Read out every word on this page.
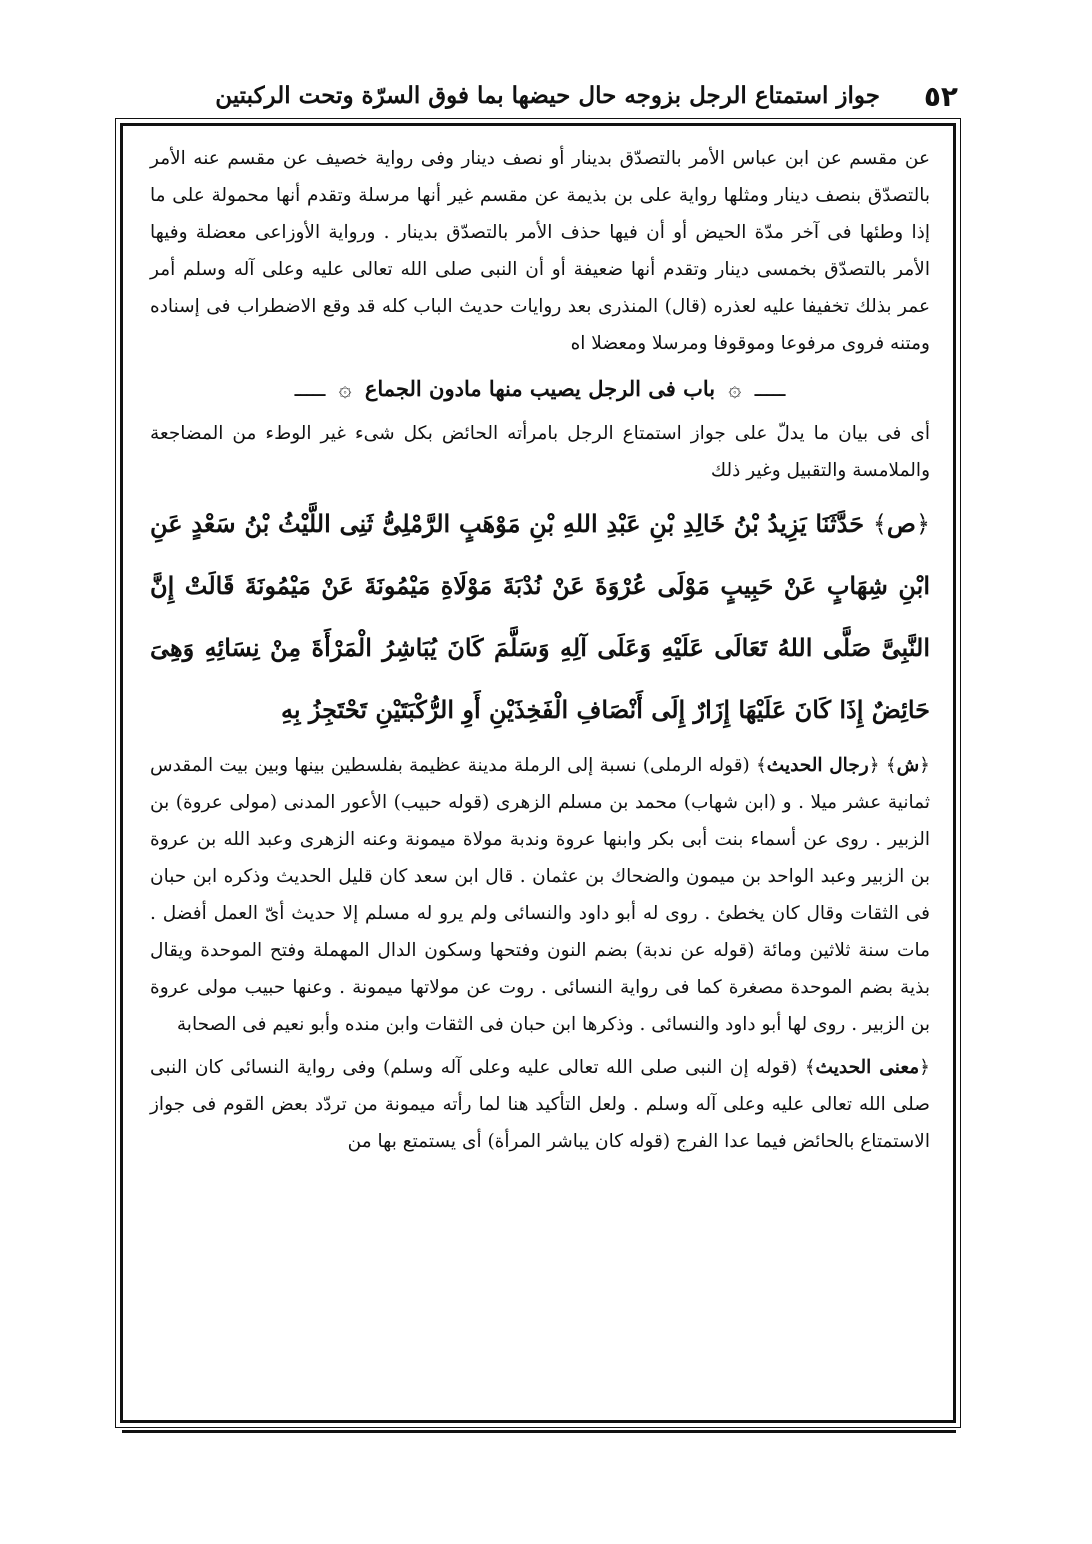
٥٢
جواز استمتاع الرجل بزوجه حال حيضها بما فوق السرّة وتحت الركبتين

عن مقسم عن ابن عباس الأمر بالتصدّق بدينار أو نصف دينار وفى رواية خصيف عن مقسم عنه الأمر بالتصدّق بنصف دينار ومثلها رواية على بن بذيمة عن مقسم غير أنها مرسلة وتقدم أنها محمولة على ما إذا وطئها فى آخر مدّة الحيض أو أن فيها حذف الأمر بالتصدّق بدينار . ورواية الأوزاعى معضلة وفيها الأمر بالتصدّق بخمسى دينار وتقدم أنها ضعيفة أو أن النبى صلى الله تعالى عليه وعلى آله وسلم أمر عمر بذلك تخفيفا عليه لعذره (قال) المنذرى بعد روايات حديث الباب كله قد وقع الاضطراب فى إسناده ومتنه فروى مرفوعا وموقوفا ومرسلا ومعضلا اه

ـــــ ۞ باب فى الرجل يصيب منها مادون الجماع ۞ ـــــ

أى فى بيان ما يدلّ على جواز استمتاع الرجل بامرأته الحائض بكل شىء غير الوطء من المضاجعة والملامسة والتقبيل وغير ذلك

﴿ص﴾ حَدَّثَنَا يَزِيدُ بْنُ خَالِدِ بْنِ عَبْدِ اللهِ بْنِ مَوْهَبٍ الرَّمْلِىُّ ثَنِى اللَّيْثُ بْنُ سَعْدٍ عَنِ ابْنِ شِهَابٍ عَنْ حَبِيبٍ مَوْلَى عُرْوَةَ عَنْ نُدْبَةَ مَوْلَاةِ مَيْمُونَةَ عَنْ مَيْمُونَةَ قَالَتْ إِنَّ النَّبِىَّ صَلَّى اللهُ تَعَالَى عَلَيْهِ وَعَلَى آلِهِ وَسَلَّمَ كَانَ يُبَاشِرُ الْمَرْأَةَ مِنْ نِسَائِهِ وَهِىَ حَائِضٌ إِذَا كَانَ عَلَيْهَا إِزَارٌ إِلَى أَنْصَافِ الْفَخِذَيْنِ أَوِ الرُّكْبَتَيْنِ تَحْتَجِزُ بِهِ

﴿ش﴾ ﴿رجال الحديث﴾ (قوله الرملى) نسبة إلى الرملة مدينة عظيمة بفلسطين بينها وبين بيت المقدس ثمانية عشر ميلا . و (ابن شهاب) محمد بن مسلم الزهرى (قوله حبيب) الأعور المدنى (مولى عروة) بن الزبير . روى عن أسماء بنت أبى بكر وابنها عروة وندبة مولاة ميمونة وعنه الزهرى وعبد الله بن عروة بن الزبير وعبد الواحد بن ميمون والضحاك بن عثمان . قال ابن سعد كان قليل الحديث وذكره ابن حبان فى الثقات وقال كان يخطئ . روى له أبو داود والنسائى ولم يرو له مسلم إلا حديث أىّ العمل أفضل . مات سنة ثلاثين ومائة (قوله عن ندبة) بضم النون وفتحها وسكون الدال المهملة وفتح الموحدة ويقال بذية بضم الموحدة مصغرة كما فى رواية النسائى . روت عن مولاتها ميمونة . وعنها حبيب مولى عروة بن الزبير . روى لها أبو داود والنسائى . وذكرها ابن حبان فى الثقات وابن منده وأبو نعيم فى الصحابة

﴿معنى الحديث﴾ (قوله إن النبى صلى الله تعالى عليه وعلى آله وسلم) وفى رواية النسائى كان النبى صلى الله تعالى عليه وعلى آله وسلم . ولعل التأكيد هنا لما رأته ميمونة من تردّد بعض القوم فى جواز الاستمتاع بالحائض فيما عدا الفرج (قوله كان يباشر المرأة) أى يستمتع بها من
